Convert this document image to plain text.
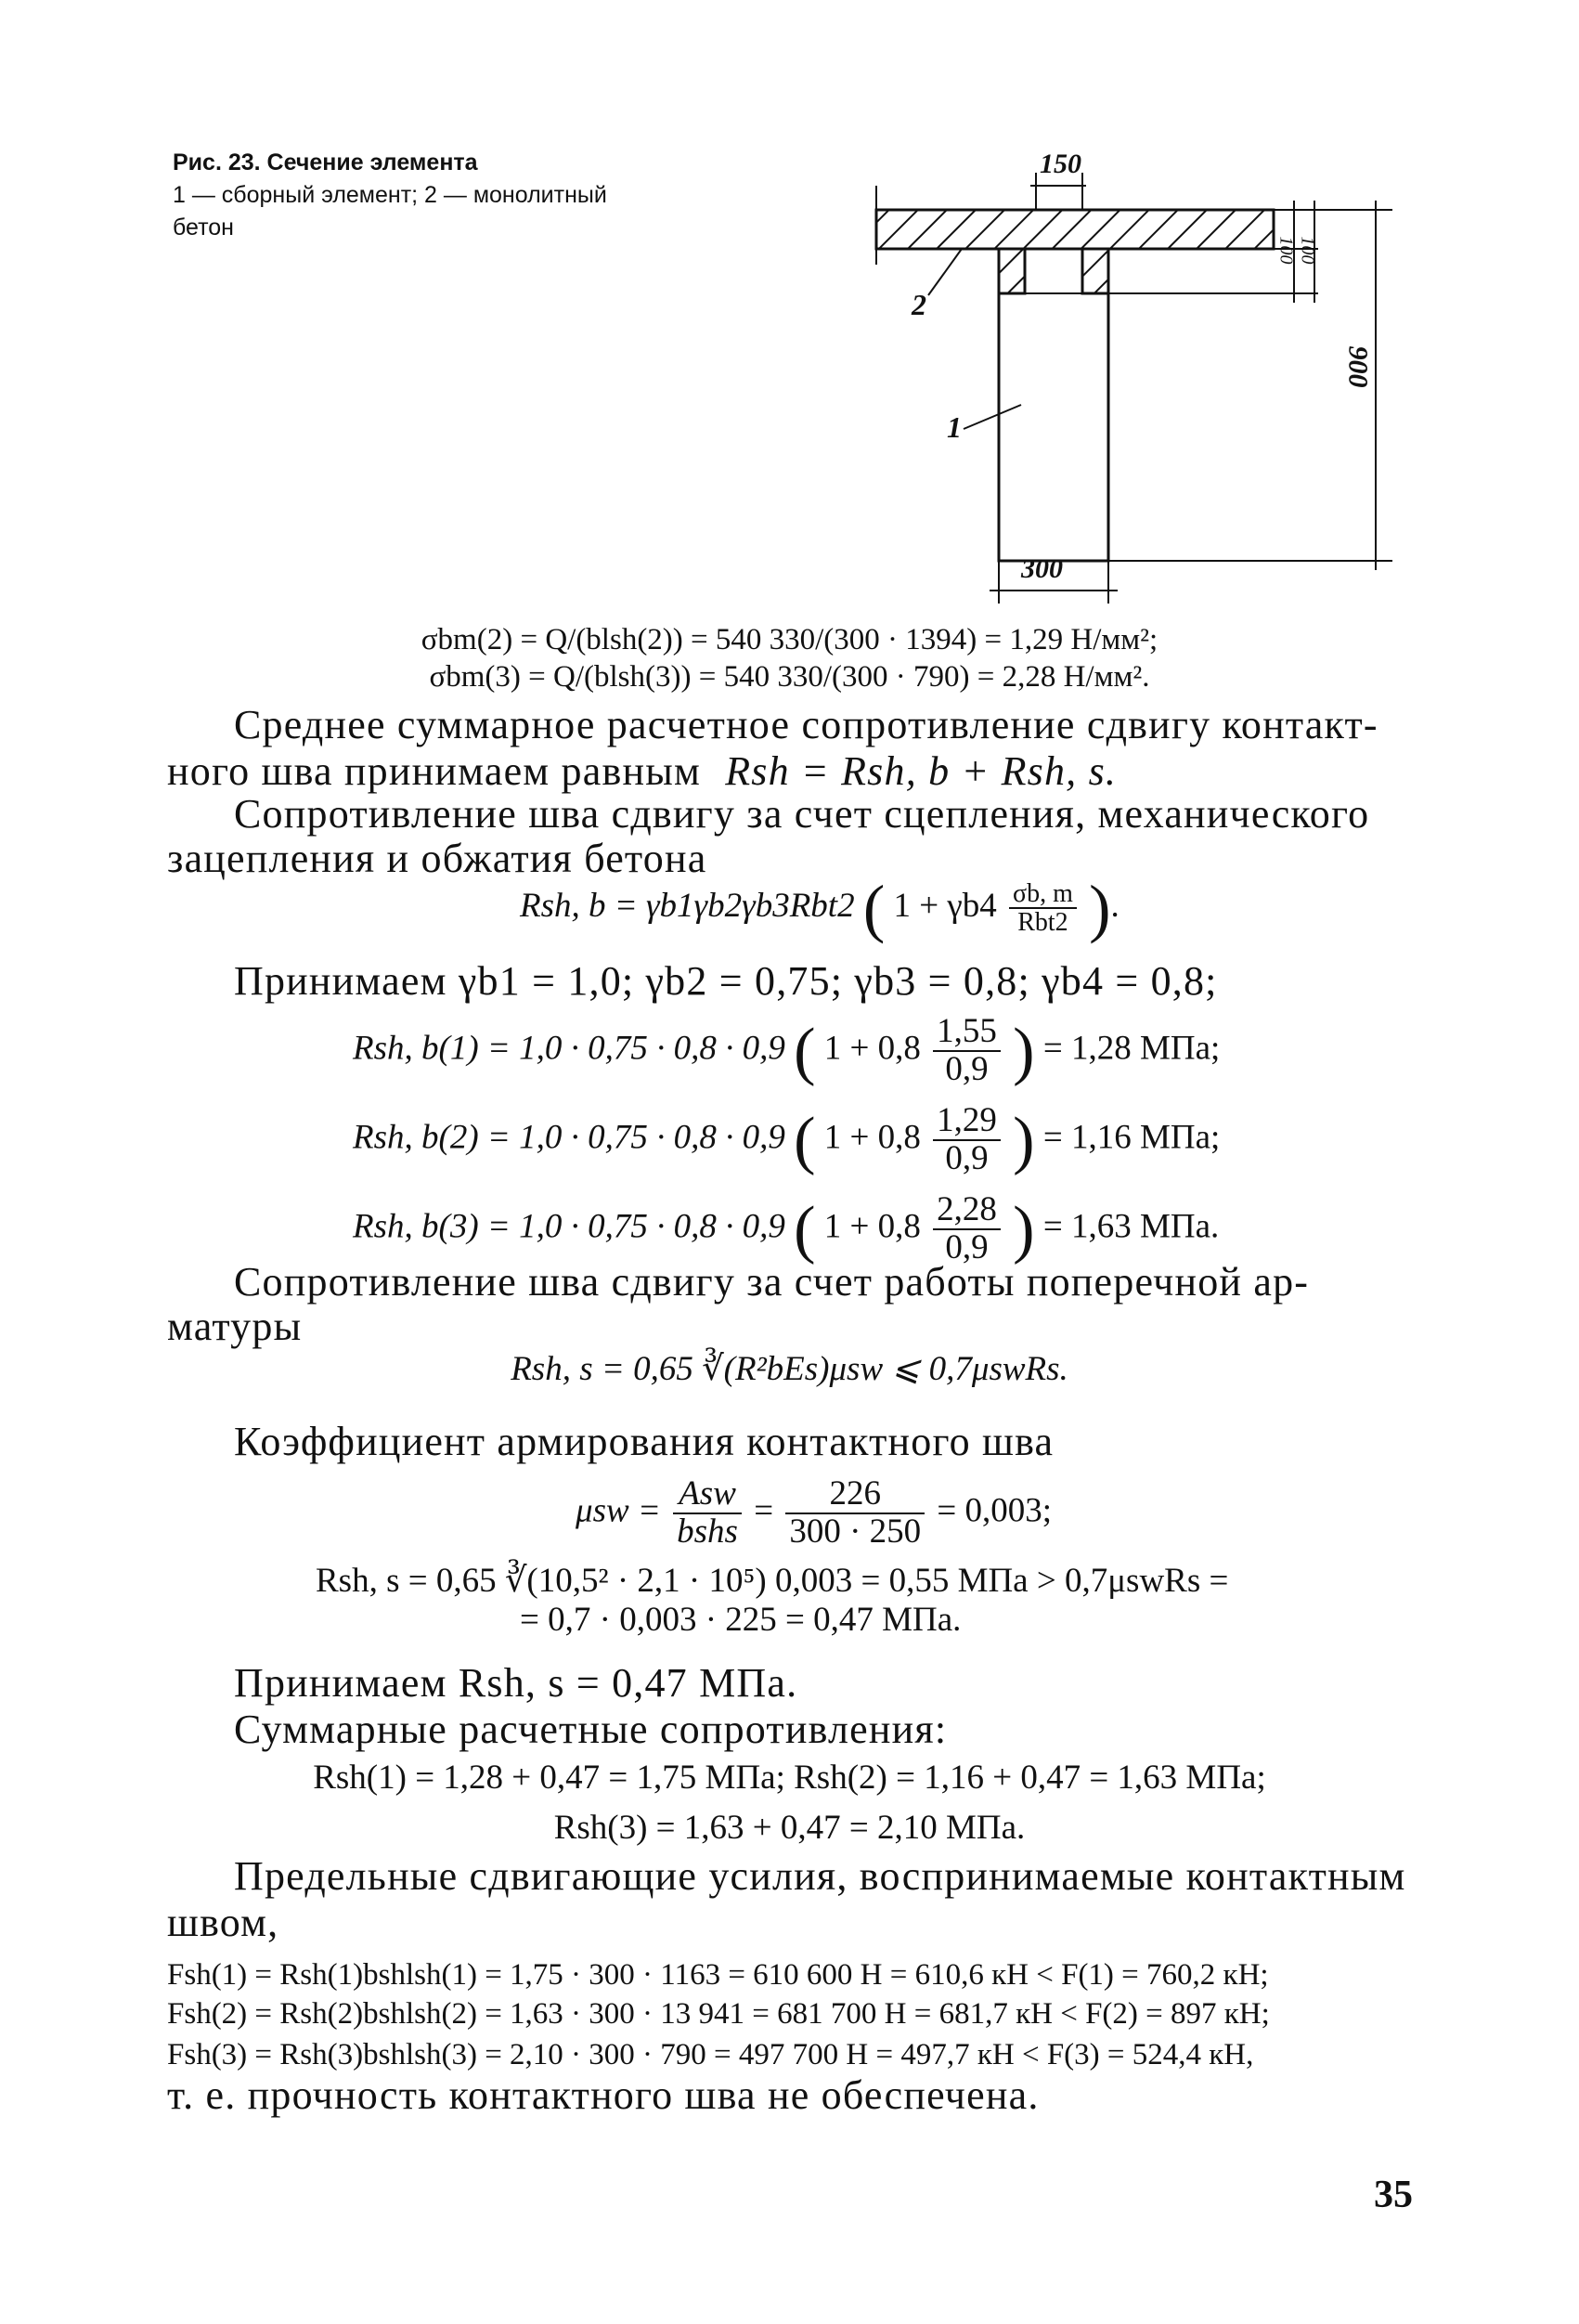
Рис. 23. Сечение элемента
1 — сборный элемент; 2 — монолитный
бетон
150
100 100
900
300
2
1
σbm(2) = Q/(blsh(2)) = 540 330/(300 · 1394) = 1,29 Н/мм²;
σbm(3) = Q/(blsh(3)) = 540 330/(300 · 790) = 2,28 Н/мм².
Среднее суммарное расчетное сопротивление сдвигу контакт-
ного шва принимаем равным Rsh = Rsh, b + Rsh, s.
Сопротивление шва сдвигу за счет сцепления, механического
зацепления и обжатия бетона
Rsh, b = γb1γb2γb3Rbt2 ( $1 + \gamma b4 \frac{\sigma b, m}{\text{Rbt2}}$ ).
Принимаем γb1 = 1,0; γb2 = 0,75; γb3 = 0,8; γb4 = 0,8;
Rsh, b(1) = 1,0 · 0,75 · 0,8 · 0,9 ( $1 + 0,8 \frac{1,55}{0,9}$ ) = 1,28 МПа;
Rsh, b(2) = 1,0 · 0,75 · 0,8 · 0,9 ( $1 + 0,8 \frac{1,29}{0,9}$ ) = 1,16 МПа;
Rsh, b(3) = 1,0 · 0,75 · 0,8 · 0,9 ( $1 + 0,8 \frac{2,28}{0,9}$ ) = 1,63 МПа.
Сопротивление шва сдвигу за счет работы поперечной ар-
матуры
Rsh, s = 0,65 ∛(R²bEs)μsw ⩽ 0,7μswRs.
Коэффициент армирования контактного шва
$\mu sw = \frac{\text{Asw}}{\text{bshs}} = \frac{226}{300 \cdot 250} = 0,003$;
Rsh, s = 0,65 ∛(10,5² · 2,1 · 10⁵) 0,003 = 0,55 МПа > 0,7μswRs =
= 0,7 · 0,003 · 225 = 0,47 МПа.
Принимаем Rsh, s = 0,47 МПа.
Суммарные расчетные сопротивления:
Rsh(1) = 1,28 + 0,47 = 1,75 МПа; Rsh(2) = 1,16 + 0,47 = 1,63 МПа;
Rsh(3) = 1,63 + 0,47 = 2,10 МПа.
Предельные сдвигающие усилия, воспринимаемые контактным
швом,
Fsh(1) = Rsh(1)bshlsh(1) = 1,75 · 300 · 1163 = 610 600 Н = 610,6 кН < F(1) = 760,2 кН;
Fsh(2) = Rsh(2)bshlsh(2) = 1,63 · 300 · 13 941 = 681 700 Н = 681,7 кН < F(2) = 897 кН;
Fsh(3) = Rsh(3)bshlsh(3) = 2,10 · 300 · 790 = 497 700 Н = 497,7 кН < F(3) = 524,4 кН,
т. е. прочность контактного шва не обеспечена.
35
